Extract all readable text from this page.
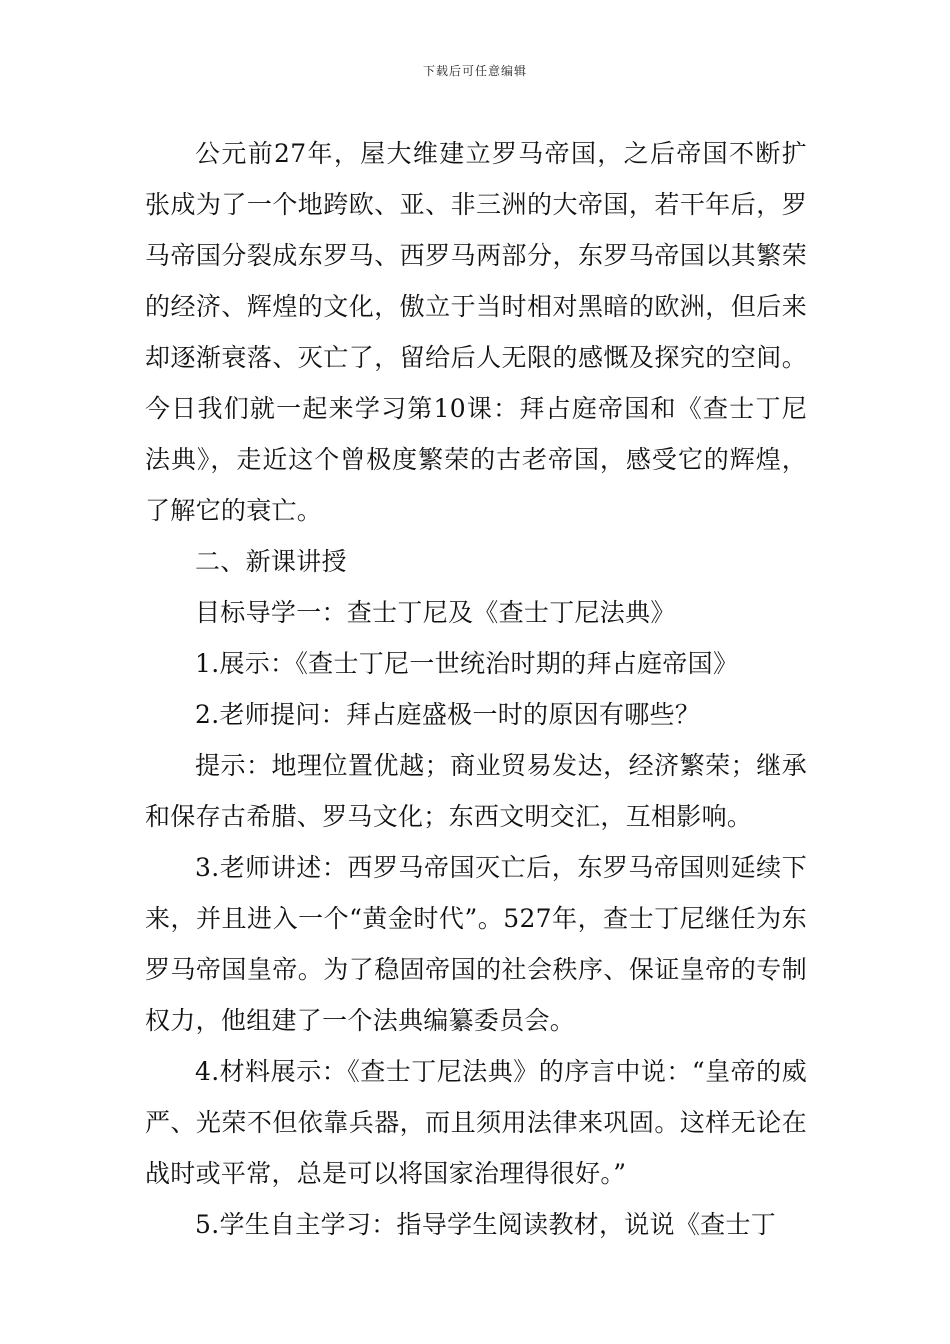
下载后可任意编辑

公元前27年，屋大维建立罗马帝国，之后帝国不断扩张成为了一个地跨欧、亚、非三洲的大帝国，若干年后，罗马帝国分裂成东罗马、西罗马两部分，东罗马帝国以其繁荣的经济、辉煌的文化，傲立于当时相对黑暗的欧洲，但后来却逐渐衰落、灭亡了，留给后人无限的感慨及探究的空间。今日我们就一起来学习第10课：拜占庭帝国和《查士丁尼法典》，走近这个曾极度繁荣的古老帝国，感受它的辉煌，了解它的衰亡。

二、新课讲授

目标导学一：查士丁尼及《查士丁尼法典》

1.展示：《查士丁尼一世统治时期的拜占庭帝国》

2.老师提问：拜占庭盛极一时的原因有哪些？

提示：地理位置优越；商业贸易发达，经济繁荣；继承和保存古希腊、罗马文化；东西文明交汇，互相影响。

3.老师讲述：西罗马帝国灭亡后，东罗马帝国则延续下来，并且进入一个“黄金时代”。527年，查士丁尼继任为东罗马帝国皇帝。为了稳固帝国的社会秩序、保证皇帝的专制权力，他组建了一个法典编纂委员会。

4.材料展示：《查士丁尼法典》的序言中说：“皇帝的威严、光荣不但依靠兵器，而且须用法律来巩固。这样无论在战时或平常，总是可以将国家治理得很好。”

5.学生自主学习：指导学生阅读教材，说说《查士丁
